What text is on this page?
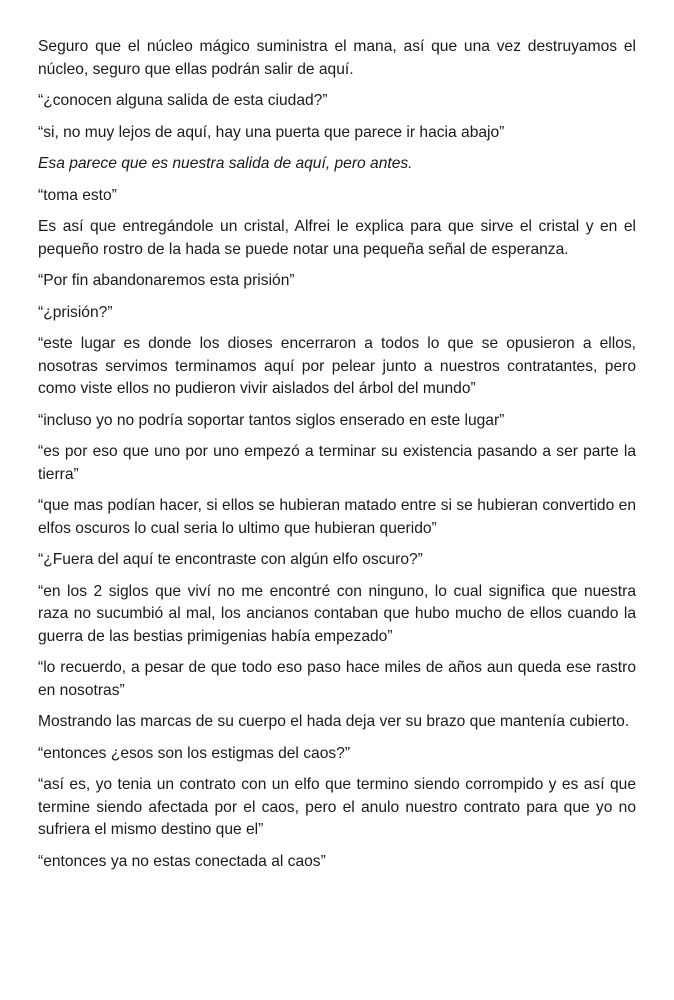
Seguro que el núcleo mágico suministra el mana, así que una vez destruyamos el núcleo, seguro que ellas podrán salir de aquí.

“¿conocen alguna salida de esta ciudad?”

“si, no muy lejos de aquí, hay una puerta que parece ir hacia abajo”

Esa parece que es nuestra salida de aquí, pero antes.

“toma esto”

Es así que entregándole un cristal, Alfrei le explica para que sirve el cristal y en el pequeño rostro de la hada se puede notar una pequeña señal de esperanza.

“Por fin abandonaremos esta prisión”

“¿prisión?”

“este lugar es donde los dioses encerraron a todos lo que se opusieron a ellos, nosotras servimos terminamos aquí por pelear junto a nuestros contratantes, pero como viste ellos no pudieron vivir aislados del árbol del mundo”

“incluso yo no podría soportar tantos siglos enserado en este lugar”

“es por eso que uno por uno empezó a terminar su existencia pasando a ser parte la tierra”

“que mas podían hacer, si ellos se hubieran matado entre si se hubieran convertido en elfos oscuros lo cual seria lo ultimo que hubieran querido”

“¿Fuera del aquí te encontraste con algún elfo oscuro?”

“en los 2 siglos que viví no me encontré con ninguno, lo cual significa que nuestra raza no sucumbió al mal, los ancianos contaban que hubo mucho de ellos cuando la guerra de las bestias primigenias había empezado”

“lo recuerdo, a pesar de que todo eso paso hace miles de años aun queda ese rastro en nosotras”

Mostrando las marcas de su cuerpo el hada deja ver su brazo que mantenía cubierto.

“entonces ¿esos son los estigmas del caos?”

“así es, yo tenia un contrato con un elfo que termino siendo corrompido y es así que termine siendo afectada por el caos, pero el anulo nuestro contrato para que yo no sufriera el mismo destino que el”

“entonces ya no estas conectada al caos”
